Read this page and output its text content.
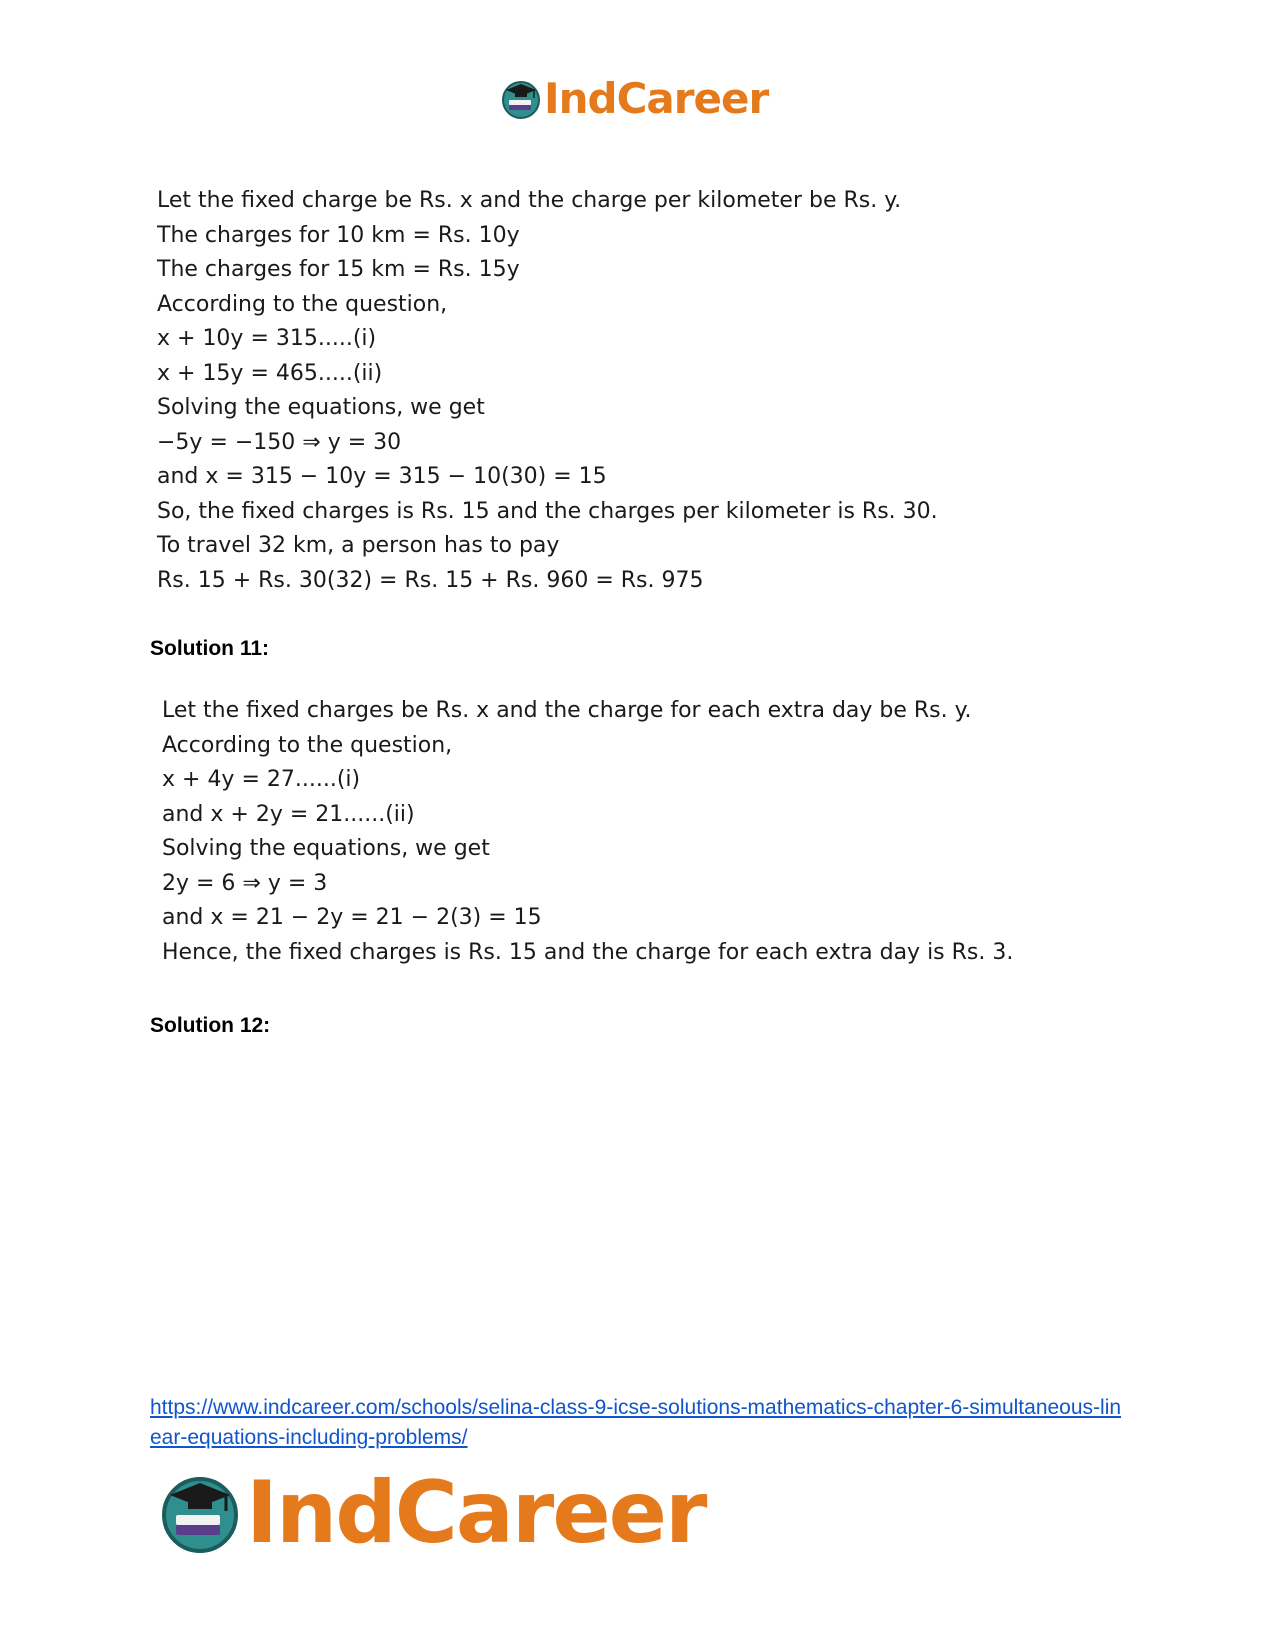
IndCareer
Let the fixed charge be Rs. x and the charge per kilometer be Rs. y.
The charges for 10 km = Rs. 10y
The charges for 15 km = Rs. 15y
According to the question,
x + 10y = 315.....(i)
x + 15y = 465.....(ii)
Solving the equations, we get
−5y = −150 ⇒ y = 30
and x = 315 − 10y = 315 − 10(30) = 15
So, the fixed charges is Rs. 15 and the charges per kilometer is Rs. 30.
To travel 32 km, a person has to pay
Rs. 15 + Rs. 30(32) = Rs. 15 + Rs. 960 = Rs. 975
Solution 11:
Let the fixed charges be Rs. x and the charge for each extra day be Rs. y.
According to the question,
x + 4y = 27......(i)
and x + 2y = 21......(ii)
Solving the equations, we get
2y = 6 ⇒ y = 3
and x = 21 − 2y = 21 − 2(3) = 15
Hence, the fixed charges is Rs. 15 and the charge for each extra day is Rs. 3.
Solution 12:
https://www.indcareer.com/schools/selina-class-9-icse-solutions-mathematics-chapter-6-simultaneous-linear-equations-including-problems/
IndCareer
